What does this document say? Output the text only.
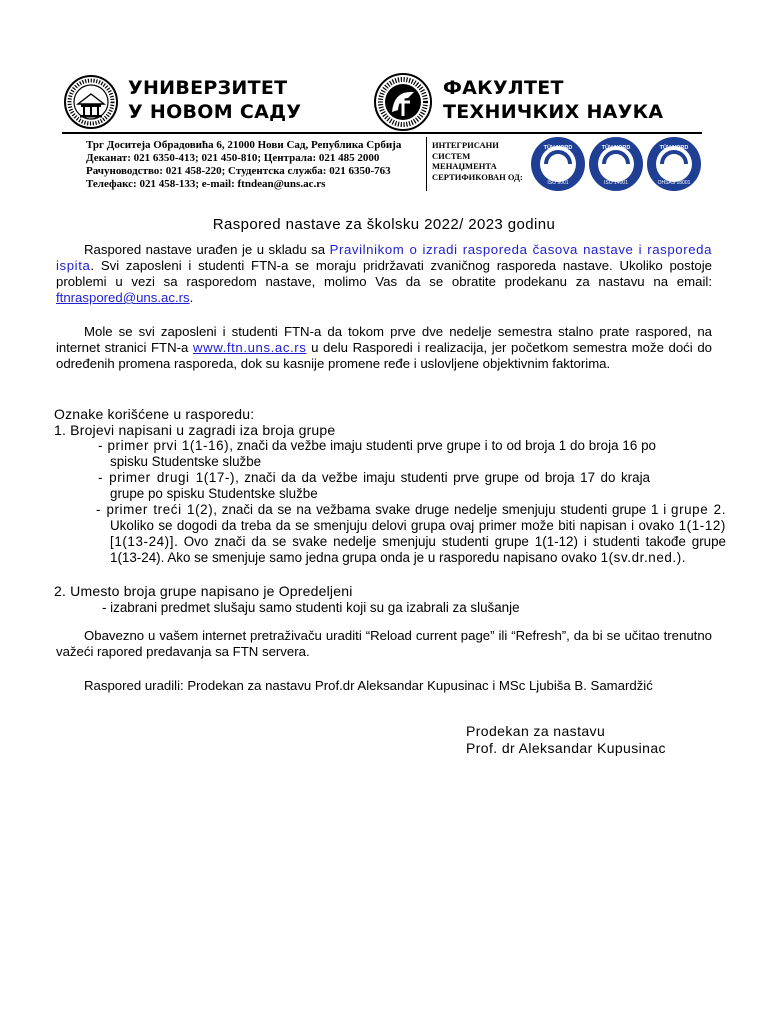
УНИВЕРЗИТЕТ
У НОВОМ САДУ
ФАКУЛТЕТ
ТЕХНИЧКИХ НАУКА
Трг Доситеја Обрадовића 6, 21000 Нови Сад, Република Србија
Деканат: 021 6350-413; 021 450-810; Централа: 021 485 2000
Рачуноводство: 021 458-220; Студентска служба: 021 6350-763
Телефакс: 021 458-133; e-mail: ftndean@uns.ac.rs
ИНТЕГРИСАНИ
СИСТЕМ
МЕНАЏМЕНТА
СЕРТИФИКОВАН ОД:
TÜV NORD
ISO 9001
TÜV NORD
ISO 14001
TÜV NORD
OHSAS 18001
Raspored nastave za školsku 2022/ 2023 godinu
Raspored nastave urađen je u skladu sa Pravilnikom o izradi rasporeda časova nastave i rasporeda ispita. Svi zaposleni i studenti FTN-a se moraju pridržavati zvaničnog rasporeda nastave. Ukoliko postoje problemi u vezi sa rasporedom nastave, molimo Vas da se obratite prodekanu za nastavu na email: ftnraspored@uns.ac.rs.
Mole se svi zaposleni i studenti FTN-a da tokom prve dve nedelje semestra stalno prate raspored, na internet stranici FTN-a www.ftn.uns.ac.rs u delu Rasporedi i realizacija, jer početkom semestra može doći do određenih promena rasporeda, dok su kasnije promene ređe i uslovljene objektivnim faktorima.
Oznake korišćene u rasporedu:
1. Brojevi napisani u zagradi iza broja grupe
- primer prvi 1(1-16), znači da vežbe imaju studenti prve grupe i to od broja 1 do broja 16 po spisku Studentske službe
- primer drugi 1(17-), znači da da vežbe imaju studenti prve grupe od broja 17 do kraja grupe po spisku Studentske službe
- primer treći 1(2), znači da se na vežbama svake druge nedelje smenjuju studenti grupe 1 i grupe 2. Ukoliko se dogodi da treba da se smenjuju delovi grupa ovaj primer može biti napisan i ovako 1(1-12)[1(13-24)]. Ovo znači da se svake nedelje smenjuju studenti grupe 1(1-12) i studenti takođe grupe 1(13-24). Ako se smenjuje samo jedna grupa onda je u rasporedu napisano ovako 1(sv.dr.ned.).
2. Umesto broja grupe napisano je Opredeljeni
- izabrani predmet slušaju samo studenti koji su ga izabrali za slušanje
Obavezno u vašem internet pretraživaču uraditi “Reload current page” ili “Refresh”, da bi se učitao trenutno važeći rapored predavanja sa FTN servera.
Raspored uradili: Prodekan za nastavu Prof.dr Aleksandar Kupusinac i MSc Ljubiša B. Samardžić
Prodekan za nastavu
Prof. dr Aleksandar Kupusinac
